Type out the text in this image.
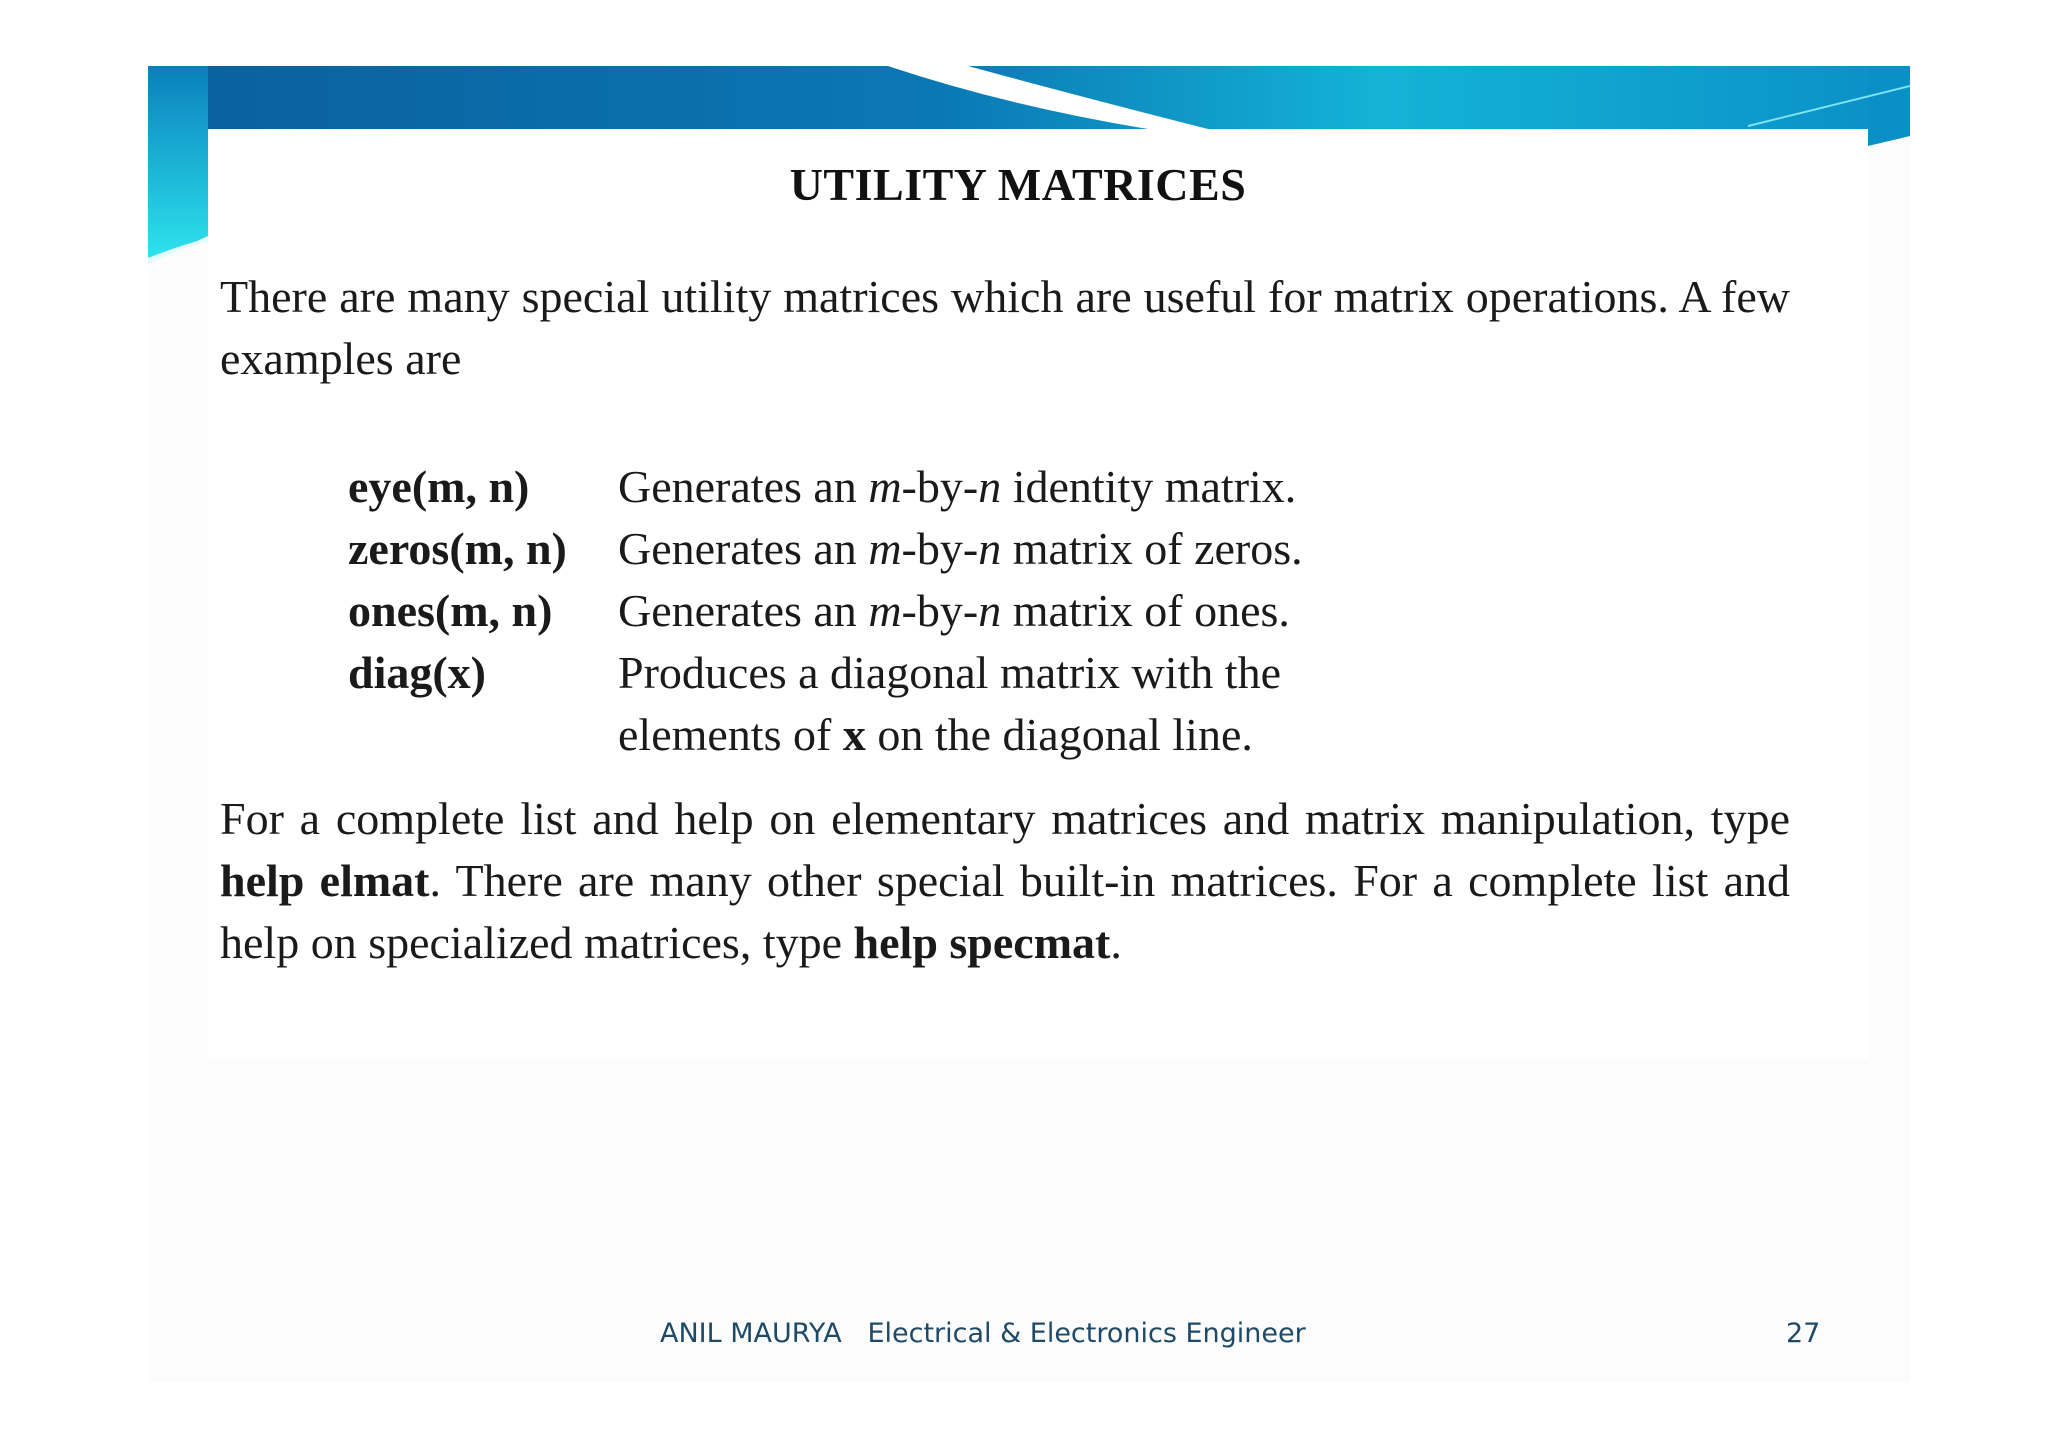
UTILITY MATRICES

There are many special utility matrices which are useful for matrix operations. A few examples are

eye(m, n)	Generates an m-by-n identity matrix.
zeros(m, n)	Generates an m-by-n matrix of zeros.
ones(m, n)	Generates an m-by-n matrix of ones.
diag(x)	Produces a diagonal matrix with the
elements of x on the diagonal line.

For a complete list and help on elementary matrices and matrix manipulation, type help elmat. There are many other special built-in matrices. For a complete list and help on specialized matrices, type help specmat.

ANIL MAURYA Electrical & Electronics Engineer	27
